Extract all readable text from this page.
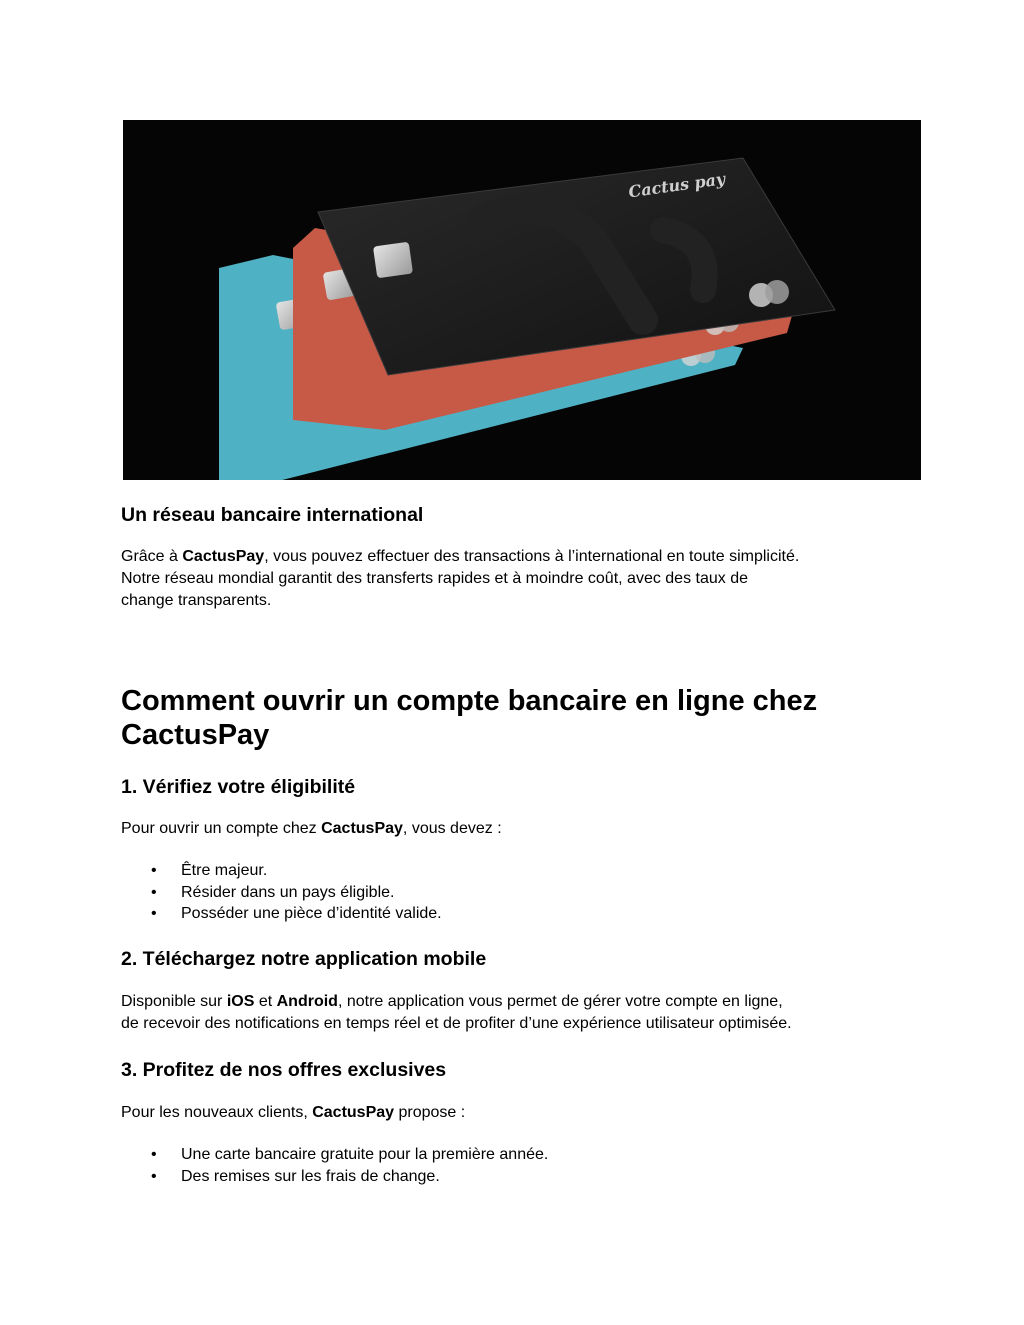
Cactus pay
Un réseau bancaire international

Grâce à CactusPay, vous pouvez effectuer des transactions à l’international en toute simplicité.
Notre réseau mondial garantit des transferts rapides et à moindre coût, avec des taux de
change transparents.

Comment ouvrir un compte bancaire en ligne chez
CactusPay
1. Vérifiez votre éligibilité

Pour ouvrir un compte chez CactusPay, vous devez :

• Être majeur.
• Résider dans un pays éligible.
• Posséder une pièce d’identité valide.
2. Téléchargez notre application mobile

Disponible sur iOS et Android, notre application vous permet de gérer votre compte en ligne,
de recevoir des notifications en temps réel et de profiter d’une expérience utilisateur optimisée.

3. Profitez de nos offres exclusives

Pour les nouveaux clients, CactusPay propose :

• Une carte bancaire gratuite pour la première année.
• Des remises sur les frais de change.
